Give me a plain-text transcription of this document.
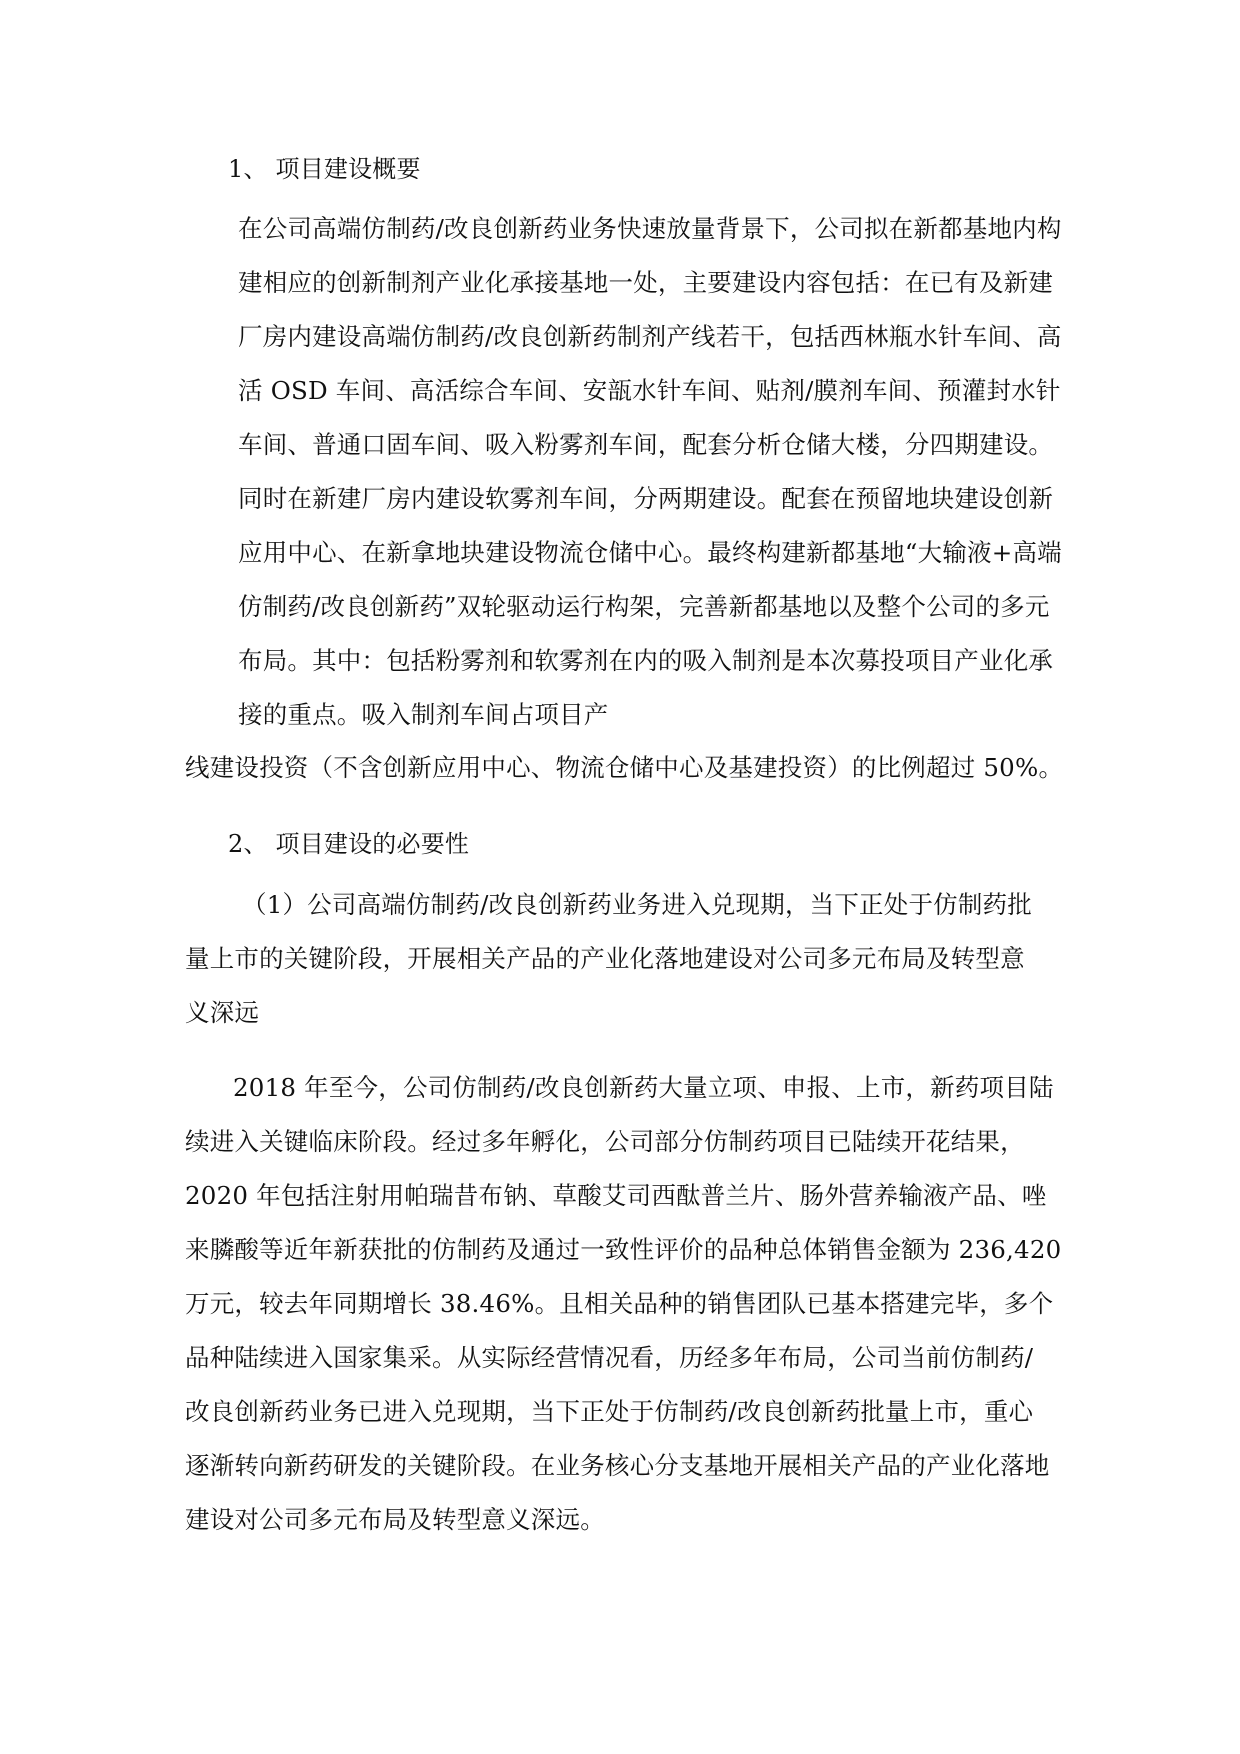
1、 项目建设概要
在公司高端仿制药/改良创新药业务快速放量背景下，公司拟在新都基地内构
建相应的创新制剂产业化承接基地一处，主要建设内容包括：在已有及新建
厂房内建设高端仿制药/改良创新药制剂产线若干，包括西林瓶水针车间、高
活 OSD 车间、高活综合车间、安瓿水针车间、贴剂/膜剂车间、预灌封水针
车间、普通口固车间、吸入粉雾剂车间，配套分析仓储大楼，分四期建设。
同时在新建厂房内建设软雾剂车间，分两期建设。配套在预留地块建设创新
应用中心、在新拿地块建设物流仓储中心。最终构建新都基地“大输液+高端
仿制药/改良创新药”双轮驱动运行构架，完善新都基地以及整个公司的多元
布局。其中：包括粉雾剂和软雾剂在内的吸入制剂是本次募投项目产业化承
接的重点。吸入制剂车间占项目产
线建设投资（不含创新应用中心、物流仓储中心及基建投资）的比例超过 50%。
2、 项目建设的必要性
（1）公司高端仿制药/改良创新药业务进入兑现期，当下正处于仿制药批
量上市的关键阶段，开展相关产品的产业化落地建设对公司多元布局及转型意
义深远
2018 年至今，公司仿制药/改良创新药大量立项、申报、上市，新药项目陆
续进入关键临床阶段。经过多年孵化，公司部分仿制药项目已陆续开花结果，
2020 年包括注射用帕瑞昔布钠、草酸艾司西酞普兰片、肠外营养输液产品、唑
来膦酸等近年新获批的仿制药及通过一致性评价的品种总体销售金额为 236,420
万元，较去年同期增长 38.46%。且相关品种的销售团队已基本搭建完毕，多个
品种陆续进入国家集采。从实际经营情况看，历经多年布局，公司当前仿制药/
改良创新药业务已进入兑现期，当下正处于仿制药/改良创新药批量上市，重心
逐渐转向新药研发的关键阶段。在业务核心分支基地开展相关产品的产业化落地
建设对公司多元布局及转型意义深远。
